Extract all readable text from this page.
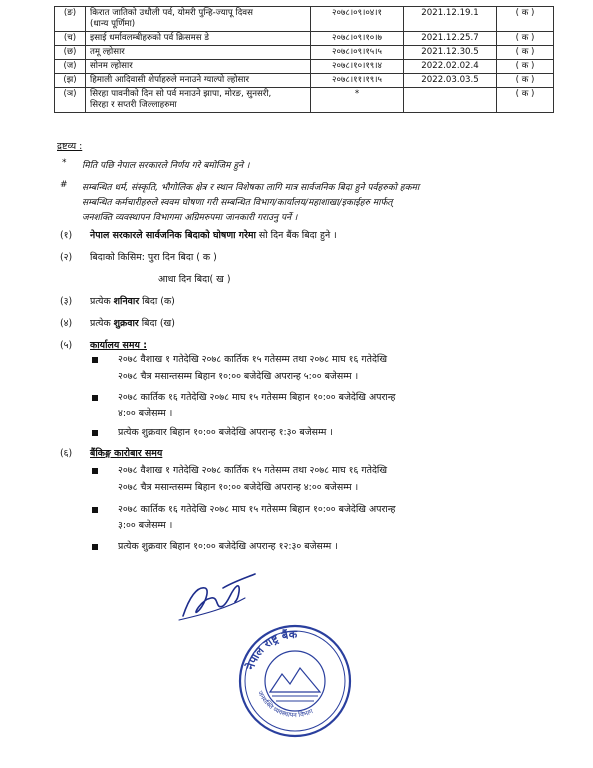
(ङ)	किरात जातिको उधौली पर्व, योमरी पुन्हि-ज्यापू दिवस
(धान्य पूर्णिमा)	२०७८।०९।०४।१	2021.12.19.1	( क )
(च)	इसाई धर्मावलम्बीहरुको पर्व क्रिसमस डे	२०७८।०९।१०।७	2021.12.25.7	( क )
(छ)	तमू ल्होसार	२०७८।०९।१५।५	2021.12.30.5	( क )
(ज)	सोनम ल्होसार	२०७८।१०।१९।४	2022.02.02.4	( क )
(झ)	हिमाली आदिवासी शेर्पाहरुले मनाउने ग्याल्पो ल्होसार	२०७८।११।१९।५	2022.03.03.5	( क )
(ञ)	सिरहा पावनीको दिन सो पर्व मनाउने झापा, मोरङ, सुनसरी,
सिरहा र सप्तरी जिल्लाहरुमा	*		( क )
द्रष्टव्य :
* मिति पछि नेपाल सरकारले निर्णय गरे बमोजिम हुने ।
# सम्बन्धित धर्म, संस्कृति, भौगोलिक क्षेत्र र स्थान विशेषका लागि मात्र सार्वजनिक बिदा हुने पर्वहरुको हकमा
सम्बन्धित कर्मचारीहरुले स्ववम घोषणा गरी सम्बन्धित विभाग/कार्यालय/महाशाखा/इकाईहरु मार्फत्
जनशक्ति व्यवस्थापन विभागमा अग्रिमरुपमा जानकारी गराउनु पर्ने ।
(१) नेपाल सरकारले सार्वजनिक बिदाको घोषणा गरेमा सो दिन बैंक बिदा हुने ।
(२) बिदाको किसिम: पुरा दिन बिदा ( क )
आधा दिन बिदा( ख )
(३) प्रत्येक शनिवार बिदा (क)
(४) प्रत्येक शुक्रवार बिदा (ख)
(५) कार्यालय समय :
२०७८ वैशाख १ गतेदेखि २०७८ कार्तिक १५ गतेसम्म तथा २०७८ माघ १६ गतेदेखि
२०७८ चैत्र मसान्तसम्म बिहान १०:०० बजेदेखि अपरान्ह ५:०० बजेसम्म ।
२०७८ कार्तिक १६ गतेदेखि २०७८ माघ १५ गतेसम्म बिहान १०:०० बजेदेखि अपरान्ह
४:०० बजेसम्म ।
प्रत्येक शुक्रवार बिहान १०:०० बजेदेखि अपरान्ह १:३० बजेसम्म ।
(६) बैंकिङ्ग कारोबार समय
२०७८ वैशाख १ गतेदेखि २०७८ कार्तिक १५ गतेसम्म तथा २०७८ माघ १६ गतेदेखि
२०७८ चैत्र मसान्तसम्म बिहान १०:०० बजेदेखि अपरान्ह ४:०० बजेसम्म ।
२०७८ कार्तिक १६ गतेदेखि २०७८ माघ १५ गतेसम्म बिहान १०:०० बजेदेखि अपरान्ह
३:०० बजेसम्म ।
प्रत्येक शुक्रवार बिहान १०:०० बजेदेखि अपरान्ह १२:३० बजेसम्म ।
नेपाल राष्ट्र बैंक
जनशक्ति व्यवस्थापन विभाग
